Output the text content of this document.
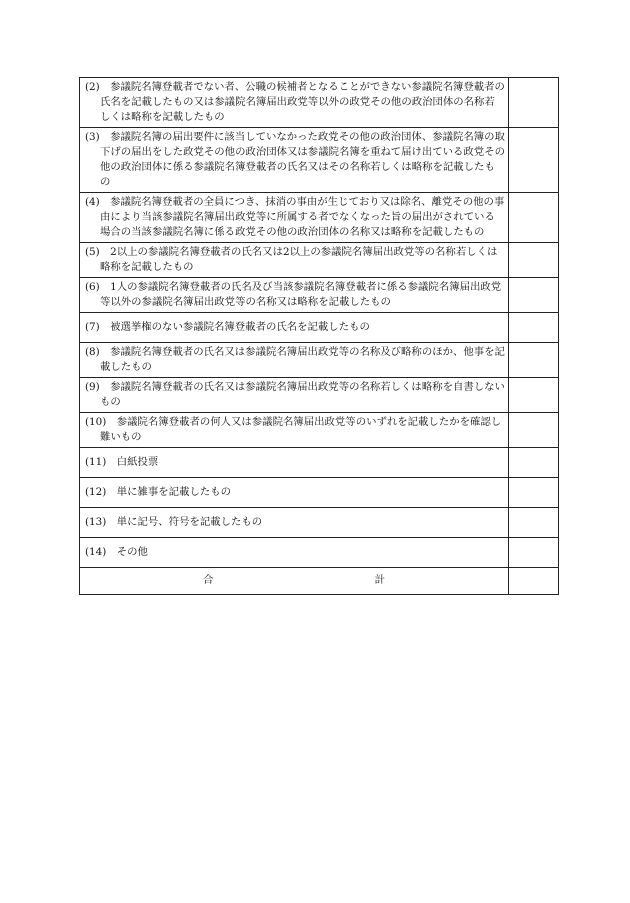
(2)　参議院名簿登載者でない者、公職の候補者となることができない参議院名簿登載者の氏名を記載したもの又は参議院名簿届出政党等以外の政党その他の政治団体の名称若しくは略称を記載したもの	

(3)　参議院名簿の届出要件に該当していなかった政党その他の政治団体、参議院名簿の取下げの届出をした政党その他の政治団体又は参議院名簿を重ねて届け出ている政党その他の政治団体に係る参議院名簿登載者の氏名又はその名称若しくは略称を記載したもの	

(4)　参議院名簿登載者の全員につき、抹消の事由が生じており又は除名、離党その他の事由により当該参議院名簿届出政党等に所属する者でなくなった旨の届出がされている場合の当該参議院名簿に係る政党その他の政治団体の名称又は略称を記載したもの	

(5)　2以上の参議院名簿登載者の氏名又は2以上の参議院名簿届出政党等の名称若しくは略称を記載したもの	

(6)　1人の参議院名簿登載者の氏名及び当該参議院名簿登載者に係る参議院名簿届出政党等以外の参議院名簿届出政党等の名称又は略称を記載したもの	

(7)　被選挙権のない参議院名簿登載者の氏名を記載したもの	

(8)　参議院名簿登載者の氏名又は参議院名簿届出政党等の名称及び略称のほか、他事を記載したもの	

(9)　参議院名簿登載者の氏名又は参議院名簿届出政党等の名称若しくは略称を自書しないもの	

(10)　参議院名簿登載者の何人又は参議院名簿届出政党等のいずれを記載したかを確認し難いもの	

(11)　白紙投票	

(12)　単に雑事を記載したもの	

(13)　単に記号、符号を記載したもの	

(14)　その他	

合 計	
